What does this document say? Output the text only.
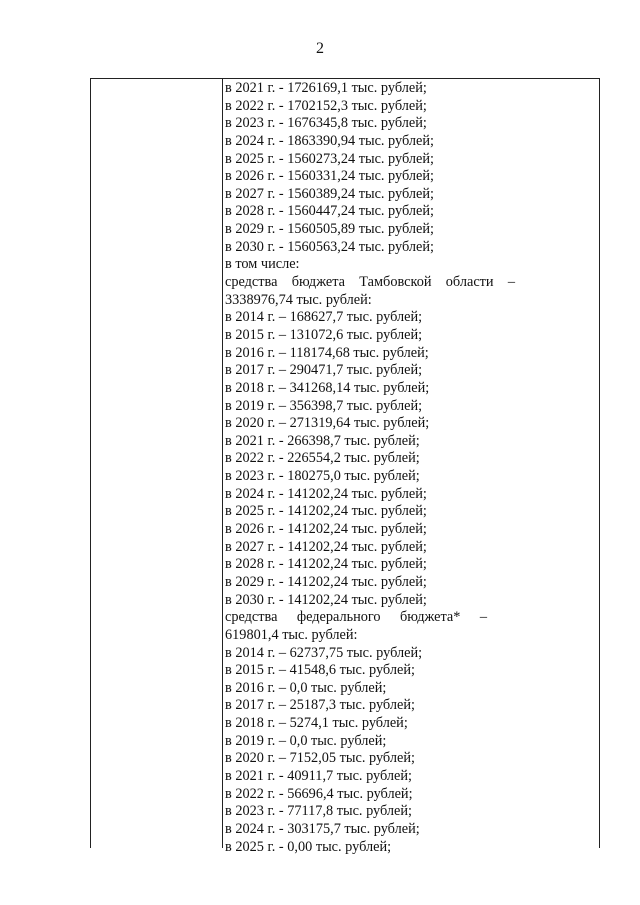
2
в 2021 г. - 1726169,1 тыс. рублей;
в 2022 г. - 1702152,3 тыс. рублей;
в 2023 г. - 1676345,8 тыс. рублей;
в 2024 г. - 1863390,94 тыс. рублей;
в 2025 г. - 1560273,24 тыс. рублей;
в 2026 г. - 1560331,24 тыс. рублей;
в 2027 г. - 1560389,24 тыс. рублей;
в 2028 г. - 1560447,24 тыс. рублей;
в 2029 г. - 1560505,89 тыс. рублей;
в 2030 г. - 1560563,24 тыс. рублей;
в том числе:
средства бюджета Тамбовской области –
3338976,74 тыс. рублей:
в 2014 г. – 168627,7 тыс. рублей;
в 2015 г. – 131072,6 тыс. рублей;
в 2016 г. – 118174,68 тыс. рублей;
в 2017 г. – 290471,7 тыс. рублей;
в 2018 г. – 341268,14 тыс. рублей;
в 2019 г. – 356398,7 тыс. рублей;
в 2020 г. – 271319,64 тыс. рублей;
в 2021 г. - 266398,7 тыс. рублей;
в 2022 г. - 226554,2 тыс. рублей;
в 2023 г. - 180275,0 тыс. рублей;
в 2024 г. - 141202,24 тыс. рублей;
в 2025 г. - 141202,24 тыс. рублей;
в 2026 г. - 141202,24 тыс. рублей;
в 2027 г. - 141202,24 тыс. рублей;
в 2028 г. - 141202,24 тыс. рублей;
в 2029 г. - 141202,24 тыс. рублей;
в 2030 г. - 141202,24 тыс. рублей;
средства федерального бюджета* –
619801,4 тыс. рублей:
в 2014 г. – 62737,75 тыс. рублей;
в 2015 г. – 41548,6 тыс. рублей;
в 2016 г. – 0,0 тыс. рублей;
в 2017 г. – 25187,3 тыс. рублей;
в 2018 г. – 5274,1 тыс. рублей;
в 2019 г. – 0,0 тыс. рублей;
в 2020 г. – 7152,05 тыс. рублей;
в 2021 г. - 40911,7 тыс. рублей;
в 2022 г. - 56696,4 тыс. рублей;
в 2023 г. - 77117,8 тыс. рублей;
в 2024 г. - 303175,7 тыс. рублей;
в 2025 г. - 0,00 тыс. рублей;
